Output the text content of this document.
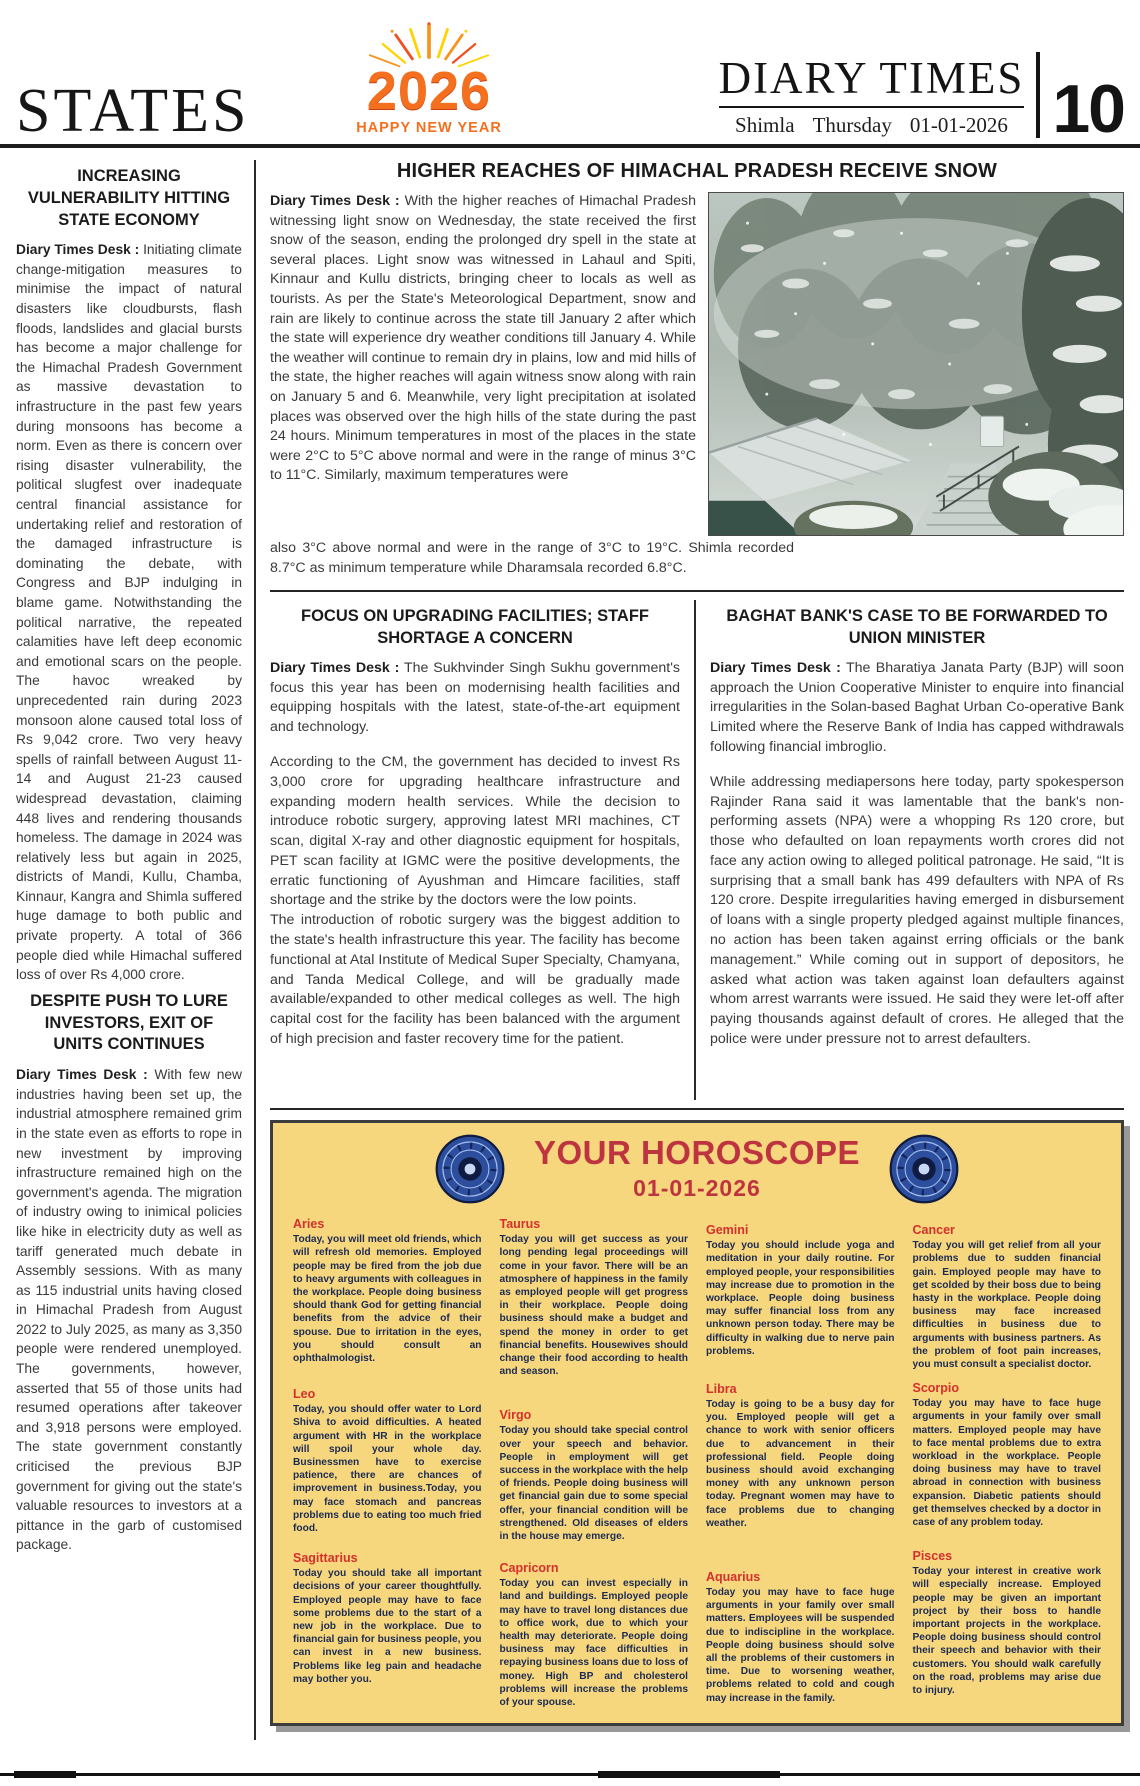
STATES	2026
HAPPY NEW YEAR
DIARY TIMES
Shimla Thursday 01-01-2026 10
INCREASING VULNERABILITY HITTING STATE ECONOMY

Diary Times Desk : Initiating climate change-mitigation measures to minimise the impact of natural disasters like cloudbursts, flash floods, landslides and glacial bursts has become a major challenge for the Himachal Pradesh Government as massive devastation to infrastructure in the past few years during monsoons has become a norm. Even as there is concern over rising disaster vulnerability, the political slugfest over inadequate central financial assistance for undertaking relief and restoration of the damaged infrastructure is dominating the debate, with Congress and BJP indulging in blame game. Notwithstanding the political narrative, the repeated calamities have left deep economic and emotional scars on the people. The havoc wreaked by unprecedented rain during 2023 monsoon alone caused total loss of Rs 9,042 crore. Two very heavy spells of rainfall between August 11-14 and August 21-23 caused widespread devastation, claiming 448 lives and rendering thousands homeless. The damage in 2024 was relatively less but again in 2025, districts of Mandi, Kullu, Chamba, Kinnaur, Kangra and Shimla suffered huge damage to both public and private property. A total of 366 people died while Himachal suffered loss of over Rs 4,000 crore.

DESPITE PUSH TO LURE INVESTORS, EXIT OF UNITS CONTINUES

Diary Times Desk : With few new industries having been set up, the industrial atmosphere remained grim in the state even as efforts to rope in new investment by improving infrastructure remained high on the government's agenda. The migration of industry owing to inimical policies like hike in electricity duty as well as tariff generated much debate in Assembly sessions. With as many as 115 industrial units having closed in Himachal Pradesh from August 2022 to July 2025, as many as 3,350 people were rendered unemployed. The governments, however, asserted that 55 of those units had resumed operations after takeover and 3,918 persons were employed. The state government constantly criticised the previous BJP government for giving out the state's valuable resources to investors at a pittance in the garb of customised package.

HIGHER REACHES OF HIMACHAL PRADESH RECEIVE SNOW

Diary Times Desk : With the higher reaches of Himachal Pradesh witnessing light snow on Wednesday, the state received the first snow of the season, ending the prolonged dry spell in the state at several places. Light snow was witnessed in Lahaul and Spiti, Kinnaur and Kullu districts, bringing cheer to locals as well as tourists. As per the State's Meteorological Department, snow and rain are likely to continue across the state till January 2 after which the state will experience dry weather conditions till January 4. While the weather will continue to remain dry in plains, low and mid hills of the state, the higher reaches will again witness snow along with rain on January 5 and 6. Meanwhile, very light precipitation at isolated places was observed over the high hills of the state during the past 24 hours. Minimum temperatures in most of the places in the state were 2°C to 5°C above normal and were in the range of minus 3°C to 11°C. Similarly, maximum temperatures were

also 3°C above normal and were in the range of 3°C to 19°C. Shimla recorded 8.7°C as minimum temperature while Dharamsala recorded 6.8°C.

FOCUS ON UPGRADING FACILITIES; STAFF SHORTAGE A CONCERN

Diary Times Desk : The Sukhvinder Singh Sukhu government's focus this year has been on modernising health facilities and equipping hospitals with the latest, state-of-the-art equipment and technology.

According to the CM, the government has decided to invest Rs 3,000 crore for upgrading healthcare infrastructure and expanding modern health services. While the decision to introduce robotic surgery, approving latest MRI machines, CT scan, digital X-ray and other diagnostic equipment for hospitals, PET scan facility at IGMC were the positive developments, the erratic functioning of Ayushman and Himcare facilities, staff shortage and the strike by the doctors were the low points.

The introduction of robotic surgery was the biggest addition to the state's health infrastructure this year. The facility has become functional at Atal Institute of Medical Super Specialty, Chamyana, and Tanda Medical College, and will be gradually made available/expanded to other medical colleges as well. The high capital cost for the facility has been balanced with the argument of high precision and faster recovery time for the patient.

BAGHAT BANK'S CASE TO BE FORWARDED TO UNION MINISTER

Diary Times Desk : The Bharatiya Janata Party (BJP) will soon approach the Union Cooperative Minister to enquire into financial irregularities in the Solan-based Baghat Urban Co-operative Bank Limited where the Reserve Bank of India has capped withdrawals following financial imbroglio.

While addressing mediapersons here today, party spokesperson Rajinder Rana said it was lamentable that the bank's non-performing assets (NPA) were a whopping Rs 120 crore, but those who defaulted on loan repayments worth crores did not face any action owing to alleged political patronage. He said, “It is surprising that a small bank has 499 defaulters with NPA of Rs 120 crore. Despite irregularities having emerged in disbursement of loans with a single property pledged against multiple finances, no action has been taken against erring officials or the bank management.” While coming out in support of depositors, he asked what action was taken against loan defaulters against whom arrest warrants were issued. He said they were let-off after paying thousands against default of crores. He alleged that the police were under pressure not to arrest defaulters.

YOUR HOROSCOPE
01-01-2026
Aries
Today, you will meet old friends, which will refresh old memories. Employed people may be fired from the job due to heavy arguments with colleagues in the workplace. People doing business should thank God for getting financial benefits from the advice of their spouse. Due to irritation in the eyes, you should consult an ophthalmologist.
Leo
Today, you should offer water to Lord Shiva to avoid difficulties. A heated argument with HR in the workplace will spoil your whole day. Businessmen have to exercise patience, there are chances of improvement in business.Today, you may face stomach and pancreas problems due to eating too much fried food.
Sagittarius
Today you should take all important decisions of your career thoughtfully. Employed people may have to face some problems due to the start of a new job in the workplace. Due to financial gain for business people, you can invest in a new business. Problems like leg pain and headache may bother you.
Taurus
Today you will get success as your long pending legal proceedings will come in your favor. There will be an atmosphere of happiness in the family as employed people will get progress in their workplace. People doing business should make a budget and spend the money in order to get financial benefits. Housewives should change their food according to health and season.
Virgo
Today you should take special control over your speech and behavior. People in employment will get success in the workplace with the help of friends. People doing business will get financial gain due to some special offer, your financial condition will be strengthened. Old diseases of elders in the house may emerge.
Capricorn
Today you can invest especially in land and buildings. Employed people may have to travel long distances due to office work, due to which your health may deteriorate. People doing business may face difficulties in repaying business loans due to loss of money. High BP and cholesterol problems will increase the problems of your spouse.
Gemini
Today you should include yoga and meditation in your daily routine. For employed people, your responsibilities may increase due to promotion in the workplace. People doing business may suffer financial loss from any unknown person today. There may be difficulty in walking due to nerve pain problems.
Libra
Today is going to be a busy day for you. Employed people will get a chance to work with senior officers due to advancement in their professional field. People doing business should avoid exchanging money with any unknown person today. Pregnant women may have to face problems due to changing weather.
Aquarius
Today you may have to face huge arguments in your family over small matters. Employees will be suspended due to indiscipline in the workplace. People doing business should solve all the problems of their customers in time. Due to worsening weather, problems related to cold and cough may increase in the family.
Cancer
Today you will get relief from all your problems due to sudden financial gain. Employed people may have to get scolded by their boss due to being hasty in the workplace. People doing business may face increased difficulties in business due to arguments with business partners. As the problem of foot pain increases, you must consult a specialist doctor.
Scorpio
Today you may have to face huge arguments in your family over small matters. Employed people may have to face mental problems due to extra workload in the workplace. People doing business may have to travel abroad in connection with business expansion. Diabetic patients should get themselves checked by a doctor in case of any problem today.
Pisces
Today your interest in creative work will especially increase. Employed people may be given an important project by their boss to handle important projects in the workplace. People doing business should control their speech and behavior with their customers. You should walk carefully on the road, problems may arise due to injury.
